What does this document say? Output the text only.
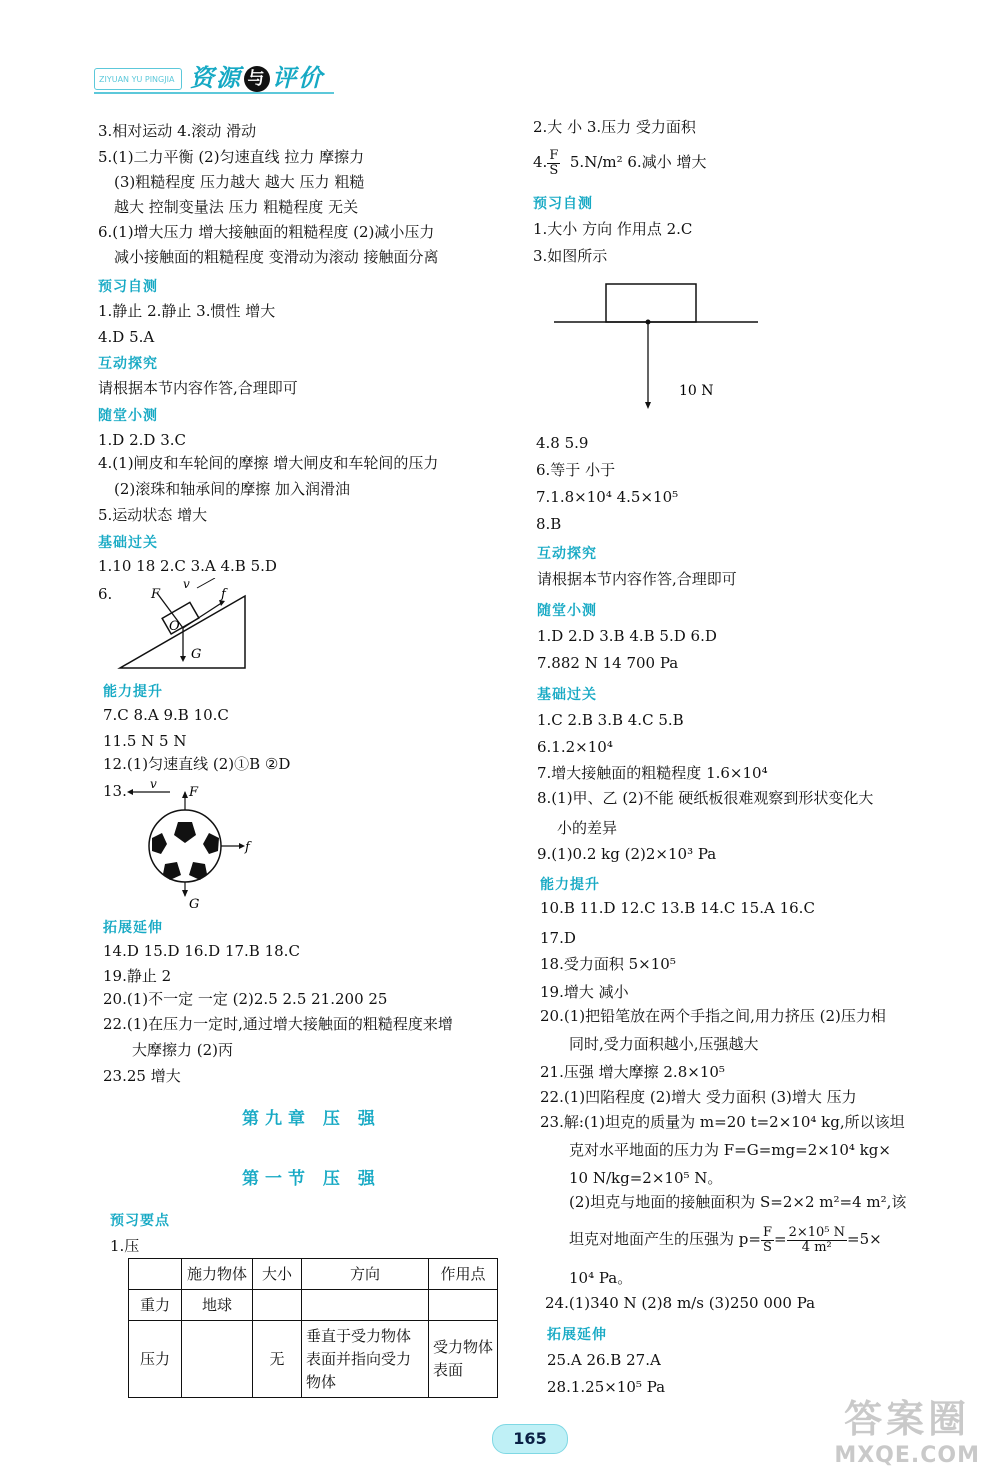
ZIYUAN YU PINGJIA 资源 与 评价
3.相对运动 4.滚动 滑动
5.(1)二力平衡 (2)匀速直线 拉力 摩擦力
(3)粗糙程度 压力越大 越大 压力 粗糙
越大 控制变量法 压力 粗糙程度 无关
6.(1)增大压力 增大接触面的粗糙程度 (2)减小压力
减小接触面的粗糙程度 变滑动为滚动 接触面分离
预习自测
1.静止 2.静止 3.惯性 增大
4.D 5.A
互动探究
请根据本节内容作答,合理即可
随堂小测
1.D 2.D 3.C
4.(1)闸皮和车轮间的摩擦 增大闸皮和车轮间的压力
(2)滚珠和轴承间的摩擦 加入润滑油
5.运动状态 增大
基础过关
1.10 18 2.C 3.A 4.B 5.D
6.	F
v
f
O
G
能力提升
7.C 8.A 9.B 10.C
11.5 N 5 N
12.(1)匀速直线 (2)①B ②D
13. v
F
G
f
拓展延伸
14.D 15.D 16.D 17.B 18.C
19.静止 2
20.(1)不一定 一定 (2)2.5 2.5 21.200 25
22.(1)在压力一定时,通过增大接触面的粗糙程度来增
大摩擦力 (2)丙
23.25 增大
第九章 压 强
第一节 压 强
预习要点
1.压
	施力物体	大小	方向	作用点
重力	地球			
压力		无	垂直于受力物体表面并指向受力物体	受力物体表面
2.大 小 3.压力 受力面积
4. $\frac{F}{S} 5.N/m^2$ 6.减小 增大
预习自测
1.大小 方向 作用点 2.C
3.如图所示
10 N
4.8 5.9
6.等于 小于
7.1.8×10⁴ 4.5×10⁵
8.B
互动探究
请根据本节内容作答,合理即可
随堂小测
1.D 2.D 3.B 4.B 5.D 6.D
7.882 N 14 700 Pa
基础过关
1.C 2.B 3.B 4.C 5.B
6.1.2×10⁴
7.增大接触面的粗糙程度 1.6×10⁴
8.(1)甲、乙 (2)不能 硬纸板很难观察到形状变化大
小的差异
9.(1)0.2 kg (2)2×10³ Pa
能力提升
10.B 11.D 12.C 13.B 14.C 15.A 16.C
17.D
18.受力面积 5×10⁵
19.增大 减小
20.(1)把铅笔放在两个手指之间,用力挤压 (2)压力相
同时,受力面积越小,压强越大
21.压强 增大摩擦 2.8×10⁵
22.(1)凹陷程度 (2)增大 受力面积 (3)增大 压力
23.解:(1)坦克的质量为 m=20 t=2×10⁴ kg,所以该坦
克对水平地面的压力为 F=G=mg=2×10⁴ kg×
10 N/kg=2×10⁵ N。
(2)坦克与地面的接触面积为 S=2×2 m²=4 m²,该
坦克对地面产生的压强为 $p= \frac{F}{S} = \frac{\text{2×10⁵ N}}{\text{4 m²}} =5\times$
10⁴ Pa。
24.(1)340 N (2)8 m/s (3)250 000 Pa
拓展延伸
25.A 26.B 27.A
28.1.25×10⁵ Pa
165	答案圈
MXQE.COM
